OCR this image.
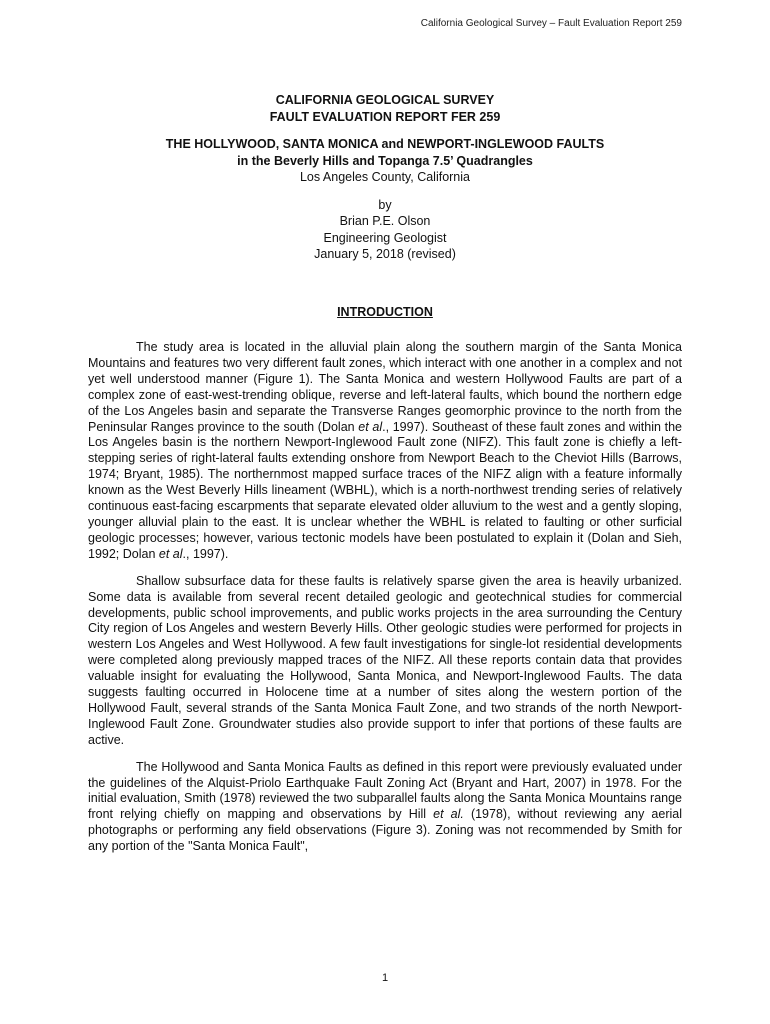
California Geological Survey – Fault Evaluation Report 259
CALIFORNIA GEOLOGICAL SURVEY
FAULT EVALUATION REPORT FER 259
THE HOLLYWOOD, SANTA MONICA and NEWPORT-INGLEWOOD FAULTS
in the Beverly Hills and Topanga 7.5’ Quadrangles
Los Angeles County, California
by
Brian P.E. Olson
Engineering Geologist
January 5, 2018 (revised)
INTRODUCTION

The study area is located in the alluvial plain along the southern margin of the Santa Monica Mountains and features two very different fault zones, which interact with one another in a complex and not yet well understood manner (Figure 1). The Santa Monica and western Hollywood Faults are part of a complex zone of east-west-trending oblique, reverse and left-lateral faults, which bound the northern edge of the Los Angeles basin and separate the Transverse Ranges geomorphic province to the north from the Peninsular Ranges province to the south (Dolan et al., 1997). Southeast of these fault zones and within the Los Angeles basin is the northern Newport-Inglewood Fault zone (NIFZ). This fault zone is chiefly a left-stepping series of right-lateral faults extending onshore from Newport Beach to the Cheviot Hills (Barrows, 1974; Bryant, 1985). The northernmost mapped surface traces of the NIFZ align with a feature informally known as the West Beverly Hills lineament (WBHL), which is a north-northwest trending series of relatively continuous east-facing escarpments that separate elevated older alluvium to the west and a gently sloping, younger alluvial plain to the east. It is unclear whether the WBHL is related to faulting or other surficial geologic processes; however, various tectonic models have been postulated to explain it (Dolan and Sieh, 1992; Dolan et al., 1997).

Shallow subsurface data for these faults is relatively sparse given the area is heavily urbanized. Some data is available from several recent detailed geologic and geotechnical studies for commercial developments, public school improvements, and public works projects in the area surrounding the Century City region of Los Angeles and western Beverly Hills. Other geologic studies were performed for projects in western Los Angeles and West Hollywood. A few fault investigations for single-lot residential developments were completed along previously mapped traces of the NIFZ. All these reports contain data that provides valuable insight for evaluating the Hollywood, Santa Monica, and Newport-Inglewood Faults. The data suggests faulting occurred in Holocene time at a number of sites along the western portion of the Hollywood Fault, several strands of the Santa Monica Fault Zone, and two strands of the north Newport-Inglewood Fault Zone. Groundwater studies also provide support to infer that portions of these faults are active.

The Hollywood and Santa Monica Faults as defined in this report were previously evaluated under the guidelines of the Alquist-Priolo Earthquake Fault Zoning Act (Bryant and Hart, 2007) in 1978. For the initial evaluation, Smith (1978) reviewed the two subparallel faults along the Santa Monica Mountains range front relying chiefly on mapping and observations by Hill et al. (1978), without reviewing any aerial photographs or performing any field observations (Figure 3). Zoning was not recommended by Smith for any portion of the "Santa Monica Fault",

1
